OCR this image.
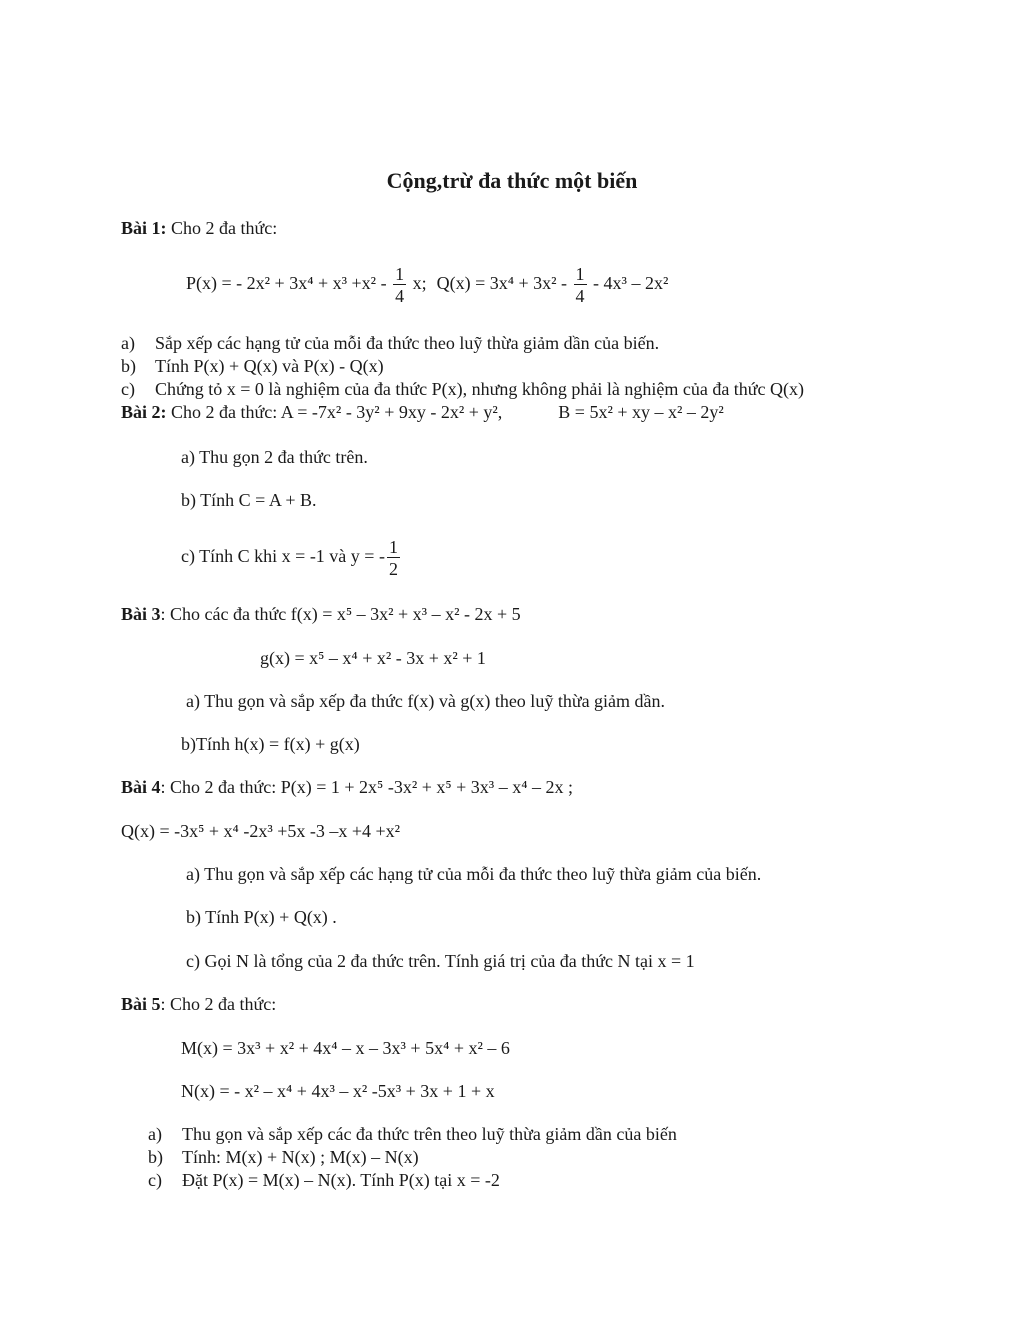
Cộng,trừ đa thức một biến
Bài 1: Cho 2 đa thức:
P(x) = - $2x^2 + 3x^4 + x^3 +x^2 - \frac{1}{4} x$; $Q(x) = 3x^4 + 3x^2 - \frac{1}{4} - 4x^3 - 2x^2$
a) Sắp xếp các hạng tử của mỗi đa thức theo luỹ thừa giảm dần của biến.
b) Tính P(x) + Q(x) và P(x) - Q(x)
c) Chứng tỏ x = 0 là nghiệm của đa thức P(x), nhưng không phải là nghiệm của đa thức Q(x)
Bài 2: Cho 2 đa thức: A = -7x² - 3y² + 9xy - 2x² + y²,	B = 5x² + xy – x² – 2y²
a) Thu gọn 2 đa thức trên.
b) Tính C = A + B.
c) Tính C khi x = -1 và y = - $\frac{1}{2}$
Bài 3: Cho các đa thức f(x) = x⁵ – 3x² + x³ – x² - 2x + 5
g(x) = x⁵ – x⁴ + x² - 3x + x² + 1
a) Thu gọn và sắp xếp đa thức f(x) và g(x) theo luỹ thừa giảm dần.
b)Tính h(x) = f(x) + g(x)
Bài 4: Cho 2 đa thức: P(x) = 1 + 2x⁵ -3x² + x⁵ + 3x³ – x⁴ – 2x ;
Q(x) = -3x⁵ + x⁴ -2x³ +5x -3 –x +4 +x²
a) Thu gọn và sắp xếp các hạng tử của mỗi đa thức theo luỹ thừa giảm của biến.
b) Tính P(x) + Q(x) .
c) Gọi N là tổng của 2 đa thức trên. Tính giá trị của đa thức N tại x = 1
Bài 5: Cho 2 đa thức:
M(x) = 3x³ + x² + 4x⁴ – x – 3x³ + 5x⁴ + x² – 6
N(x) = - x² – x⁴ + 4x³ – x² -5x³ + 3x + 1 + x
a) Thu gọn và sắp xếp các đa thức trên theo luỹ thừa giảm dần của biến
b) Tính: M(x) + N(x) ; M(x) – N(x)
c) Đặt P(x) = M(x) – N(x). Tính P(x) tại x = -2
